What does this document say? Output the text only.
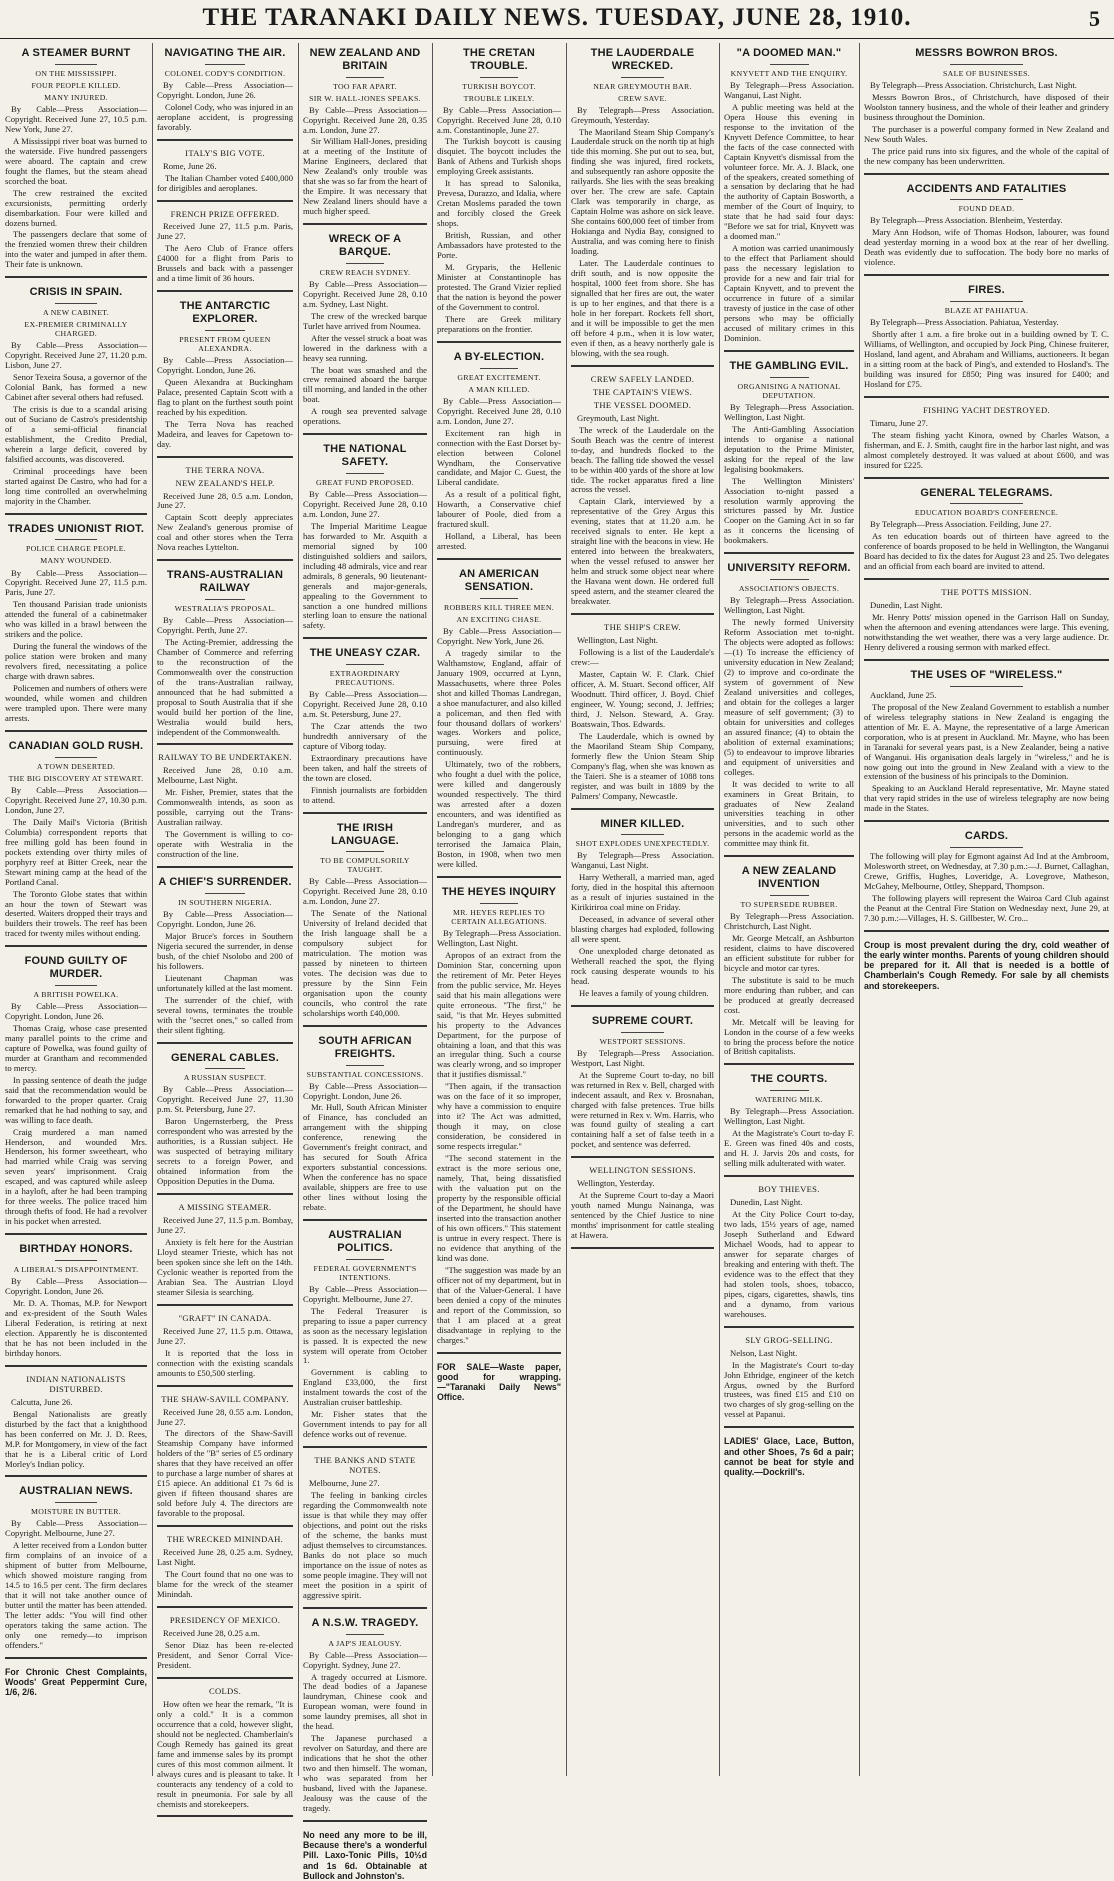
THE TARANAKI DAILY NEWS. TUESDAY, JUNE 28, 1910.	5
A STEAMER BURNT
ON THE MISSISSIPPI.
FOUR PEOPLE KILLED.
MANY INJURED.

By Cable—Press Association—Copyright. Received June 27, 10.5 p.m. New York, June 27.

A Mississippi river boat was burned to the waterside. Five hundred passengers were aboard. The captain and crew fought the flames, but the steam ahead scorched the boat.

The crew restrained the excited excursionists, permitting orderly disembarkation. Four were killed and dozens burned.

The passengers declare that some of the frenzied women threw their children into the water and jumped in after them. Their fate is unknown.

CRISIS IN SPAIN.
A NEW CABINET.
EX-PREMIER CRIMINALLY CHARGED.

By Cable—Press Association—Copyright. Received June 27, 11.20 p.m. Lisbon, June 27.

Senor Texeira Sousa, a governor of the Colonial Bank, has formed a new Cabinet after several others had refused.

The crisis is due to a scandal arising out of Suciano de Castro's presidentship of a semi-official financial establishment, the Credito Predial, wherein a large deficit, covered by falsified accounts, was discovered.

Criminal proceedings have been started against De Castro, who had for a long time controlled an overwhelming majority in the Chamber.

TRADES UNIONIST RIOT.
POLICE CHARGE PEOPLE.
MANY WOUNDED.

By Cable—Press Association—Copyright. Received June 27, 11.5 p.m. Paris, June 27.

Ten thousand Parisian trade unionists attended the funeral of a cabinetmaker who was killed in a brawl between the strikers and the police.

During the funeral the windows of the police station were broken and many revolvers fired, necessitating a police charge with drawn sabres.

Policemen and numbers of others were wounded, while women and children were trampled upon. There were many arrests.

CANADIAN GOLD RUSH.
A TOWN DESERTED.
THE BIG DISCOVERY AT STEWART.

By Cable—Press Association—Copyright. Received June 27, 10.30 p.m. London, June 27.

The Daily Mail's Victoria (British Columbia) correspondent reports that free milling gold has been found in pockets extending over thirty miles of porphyry reef at Bitter Creek, near the Stewart mining camp at the head of the Portland Canal.

The Toronto Globe states that within an hour the town of Stewart was deserted. Waiters dropped their trays and builders their trowels. The reef has been traced for twenty miles without ending.

FOUND GUILTY OF MURDER.
A BRITISH POWELKA.

By Cable—Press Association—Copyright. London, June 26.

Thomas Craig, whose case presented many parallel points to the crime and capture of Powelka, was found guilty of murder at Grantham and recommended to mercy.

In passing sentence of death the judge said that the recommendation would be forwarded to the proper quarter. Craig remarked that he had nothing to say, and was willing to face death.

Craig murdered a man named Henderson, and wounded Mrs. Henderson, his former sweetheart, who had married while Craig was serving seven years' imprisonment. Craig escaped, and was captured while asleep in a hayloft, after he had been tramping for three weeks. The police traced him through thefts of food. He had a revolver in his pocket when arrested.

BIRTHDAY HONORS.
A LIBERAL'S DISAPPOINTMENT.

By Cable—Press Association—Copyright. London, June 26.

Mr. D. A. Thomas, M.P. for Newport and ex-president of the South Wales Liberal Federation, is retiring at next election. Apparently he is discontented that he has not been included in the birthday honors.

INDIAN NATIONALISTS DISTURBED.

Calcutta, June 26.

Bengal Nationalists are greatly disturbed by the fact that a knighthood has been conferred on Mr. J. D. Rees, M.P. for Montgomery, in view of the fact that he is a Liberal critic of Lord Morley's Indian policy.

AUSTRALIAN NEWS.
MOISTURE IN BUTTER.

By Cable—Press Association—Copyright. Melbourne, June 27.

A letter received from a London butter firm complains of an invoice of a shipment of butter from Melbourne, which showed moisture ranging from 14.5 to 16.5 per cent. The firm declares that it will not take another ounce of butter until the matter has been attended. The letter adds: "You will find other operators taking the same action. The only one remedy—to imprison offenders."

For Chronic Chest Complaints, Woods' Great Peppermint Cure, 1/6, 2/6.
NAVIGATING THE AIR.
COLONEL CODY'S CONDITION.

By Cable—Press Association—Copyright. London, June 26.

Colonel Cody, who was injured in an aeroplane accident, is progressing favorably.

ITALY'S BIG VOTE.

Rome, June 26.

The Italian Chamber voted £400,000 for dirigibles and aeroplanes.

FRENCH PRIZE OFFERED.

Received June 27, 11.5 p.m. Paris, June 27.

The Aero Club of France offers £4000 for a flight from Paris to Brussels and back with a passenger and a time limit of 36 hours.

THE ANTARCTIC EXPLORER.
PRESENT FROM QUEEN ALEXANDRA.

By Cable—Press Association—Copyright. London, June 26.

Queen Alexandra at Buckingham Palace, presented Captain Scott with a flag to plant on the furthest south point reached by his expedition.

The Terra Nova has reached Madeira, and leaves for Capetown to-day.

THE TERRA NOVA.
NEW ZEALAND'S HELP.

Received June 28, 0.5 a.m. London, June 27.

Captain Scott deeply appreciates New Zealand's generous promise of coal and other stores when the Terra Nova reaches Lyttelton.

TRANS-AUSTRALIAN RAILWAY
WESTRALIA'S PROPOSAL.

By Cable—Press Association—Copyright. Perth, June 27.

The Acting-Premier, addressing the Chamber of Commerce and referring to the reconstruction of the Commonwealth over the construction of the trans-Australian railway, announced that he had submitted a proposal to South Australia that if she would build her portion of the line, Westralia would build hers, independent of the Commonwealth.

RAILWAY TO BE UNDERTAKEN.

Received June 28, 0.10 a.m. Melbourne, Last Night.

Mr. Fisher, Premier, states that the Commonwealth intends, as soon as possible, carrying out the Trans-Australian railway.

The Government is willing to co-operate with Westralia in the construction of the line.

A CHIEF'S SURRENDER.
IN SOUTHERN NIGERIA.

By Cable—Press Association—Copyright. London, June 26.

Major Bruce's forces in Southern Nigeria secured the surrender, in dense bush, of the chief Nsolobo and 200 of his followers.

Lieutenant Chapman was unfortunately killed at the last moment.

The surrender of the chief, with several towns, terminates the trouble with the "secret ones," so called from their silent fighting.

GENERAL CABLES.
A RUSSIAN SUSPECT.

By Cable—Press Association—Copyright. Received June 27, 11.30 p.m. St. Petersburg, June 27.

Baron Ungernsterberg, the Press correspondent who was arrested by the authorities, is a Russian subject. He was suspected of betraying military secrets to a foreign Power, and obtained information from the Opposition Deputies in the Duma.

A MISSING STEAMER.

Received June 27, 11.5 p.m. Bombay, June 27.

Anxiety is felt here for the Austrian Lloyd steamer Trieste, which has not been spoken since she left on the 14th. Cyclonic weather is reported from the Arabian Sea. The Austrian Lloyd steamer Silesia is searching.

"GRAFT" IN CANADA.

Received June 27, 11.5 p.m. Ottawa, June 27.

It is reported that the loss in connection with the existing scandals amounts to £50,500 sterling.

THE SHAW-SAVILL COMPANY.

Received June 28, 0.55 a.m. London, June 27.

The directors of the Shaw-Savill Steamship Company have informed holders of the "B" series of £5 ordinary shares that they have received an offer to purchase a large number of shares at £15 apiece. An additional £1 7s 6d is given if fifteen thousand shares are sold before July 4. The directors are favorable to the proposal.

THE WRECKED MININDAH.

Received June 28, 0.25 a.m. Sydney, Last Night.

The Court found that no one was to blame for the wreck of the steamer Minindah.

PRESIDENCY OF MEXICO.

Received June 28, 0.25 a.m.

Senor Diaz has been re-elected President, and Senor Corral Vice-President.

COLDS.

How often we hear the remark, "It is only a cold." It is a common occurrence that a cold, however slight, should not be neglected. Chamberlain's Cough Remedy has gained its great fame and immense sales by its prompt cures of this most common ailment. It always cures and is pleasant to take. It counteracts any tendency of a cold to result in pneumonia. For sale by all chemists and storekeepers.

NEW ZEALAND AND BRITAIN
TOO FAR APART.
SIR W. HALL-JONES SPEAKS.

By Cable—Press Association—Copyright. Received June 28, 0.35 a.m. London, June 27.

Sir William Hall-Jones, presiding at a meeting of the Institute of Marine Engineers, declared that New Zealand's only trouble was that she was so far from the heart of the Empire. It was necessary that New Zealand liners should have a much higher speed.

WRECK OF A BARQUE.
CREW REACH SYDNEY.

By Cable—Press Association—Copyright. Received June 28, 0.10 a.m. Sydney, Last Night.

The crew of the wrecked barque Turlet have arrived from Noumea.

After the vessel struck a boat was lowered in the darkness with a heavy sea running.

The boat was smashed and the crew remained aboard the barque till morning, and landed in the other boat.

A rough sea prevented salvage operations.

THE NATIONAL SAFETY.
GREAT FUND PROPOSED.

By Cable—Press Association—Copyright. Received June 28, 0.10 a.m. London, June 27.

The Imperial Maritime League has forwarded to Mr. Asquith a memorial signed by 100 distinguished soldiers and sailors, including 48 admirals, vice and rear admirals, 8 generals, 90 lieutenant-generals and major-generals, appealing to the Government to sanction a one hundred millions sterling loan to ensure the national safety.

THE UNEASY CZAR.
EXTRAORDINARY PRECAUTIONS.

By Cable—Press Association—Copyright. Received June 28, 0.10 a.m. St. Petersburg, June 27.

The Czar attends the two hundredth anniversary of the capture of Viborg today.

Extraordinary precautions have been taken, and half the streets of the town are closed.

Finnish journalists are forbidden to attend.

THE IRISH LANGUAGE.
TO BE COMPULSORILY TAUGHT.

By Cable—Press Association—Copyright. Received June 28, 0.10 a.m. London, June 27.

The Senate of the National University of Ireland decided that the Irish language shall be a compulsory subject for matriculation. The motion was passed by nineteen to thirteen votes. The decision was due to pressure by the Sinn Fein organisation upon the county councils, who control the rate scholarships worth £40,000.

SOUTH AFRICAN FREIGHTS.
SUBSTANTIAL CONCESSIONS.

By Cable—Press Association—Copyright. London, June 26.

Mr. Hull, South African Minister of Finance, has concluded an arrangement with the shipping conference, renewing the Government's freight contract, and has secured for South Africa exporters substantial concessions. When the conference has no space available, shippers are free to use other lines without losing the rebate.

AUSTRALIAN POLITICS.
FEDERAL GOVERNMENT'S INTENTIONS.

By Cable—Press Association—Copyright. Melbourne, June 27.

The Federal Treasurer is preparing to issue a paper currency as soon as the necessary legislation is passed. It is expected the new system will operate from October 1.

Government is cabling to England £33,000, the first instalment towards the cost of the Australian cruiser battleship.

Mr. Fisher states that the Government intends to pay for all defence works out of revenue.

THE BANKS AND STATE NOTES.

Melbourne, June 27.

The feeling in banking circles regarding the Commonwealth note issue is that while they may offer objections, and point out the risks of the scheme, the banks must adjust themselves to circumstances. Banks do not place so much importance on the issue of notes as some people imagine. They will not meet the position in a spirit of aggressive spirit.

A N.S.W. TRAGEDY.
A JAP'S JEALOUSY.

By Cable—Press Association—Copyright. Sydney, June 27.

A tragedy occurred at Lismore. The dead bodies of a Japanese laundryman, Chinese cook and European woman, were found in some laundry premises, all shot in the head.

The Japanese purchased a revolver on Saturday, and there are indications that he shot the other two and then himself. The woman, who was separated from her husband, lived with the Japanese. Jealousy was the cause of the tragedy.

No need any more to be ill, Because there's a wonderful Pill. Laxo-Tonic Pills, 10½d and 1s 6d. Obtainable at Bullock and Johnston's.
THE CRETAN TROUBLE.
TURKISH BOYCOT.
TROUBLE LIKELY.

By Cable—Press Association—Copyright. Received June 28, 0.10 a.m. Constantinople, June 27.

The Turkish boycott is causing disquiet. The boycott includes the Bank of Athens and Turkish shops employing Greek assistants.

It has spread to Salonika, Prevesa, Durazzo, and Idalia, where Cretan Moslems paraded the town and forcibly closed the Greek shops.

British, Russian, and other Ambassadors have protested to the Porte.

M. Gryparis, the Hellenic Minister at Constantinople has protested. The Grand Vizier replied that the nation is beyond the power of the Government to control.

There are Greek military preparations on the frontier.

A BY-ELECTION.
GREAT EXCITEMENT.
A MAN KILLED.

By Cable—Press Association—Copyright. Received June 28, 0.10 a.m. London, June 27.

Excitement ran high in connection with the East Dorset by-election between Colonel Wyndham, the Conservative candidate, and Major C. Guest, the Liberal candidate.

As a result of a political fight, Howarth, a Conservative chief labourer of Poole, died from a fractured skull.

Holland, a Liberal, has been arrested.

AN AMERICAN SENSATION.
ROBBERS KILL THREE MEN.
AN EXCITING CHASE.

By Cable—Press Association—Copyright. New York, June 26.

A tragedy similar to the Walthamstow, England, affair of January 1909, occurred at Lynn, Massachusetts, where three Poles shot and killed Thomas Landregan, a shoe manufacturer, and also killed a policeman, and then fled with four thousand dollars of workers' wages. Workers and police, pursuing, were fired at continuously.

Ultimately, two of the robbers, who fought a duel with the police, were killed and dangerously wounded respectively. The third was arrested after a dozen encounters, and was identified as Landregan's murderer, and as belonging to a gang which terrorised the Jamaica Plain, Boston, in 1908, when two men were killed.

THE HEYES INQUIRY
MR. HEYES REPLIES TO CERTAIN ALLEGATIONS.

By Telegraph—Press Association. Wellington, Last Night.

Apropos of an extract from the Dominion Star, concerning upon the retirement of Mr. Peter Heyes from the public service, Mr. Heyes said that his main allegations were quite erroneous. "The first," he said, "is that Mr. Heyes submitted his property to the Advances Department, for the purpose of obtaining a loan, and that this was an irregular thing. Such a course was clearly wrong, and so improper that it justifies dismissal."

"Then again, if the transaction was on the face of it so improper, why have a commission to enquire into it? The Act was admitted, though it may, on close consideration, be considered in some respects irregular."

"The second statement in the extract is the more serious one, namely, That, being dissatisfied with the valuation put on the property by the responsible official of the Department, he should have inserted into the transaction another of his own officers." This statement is untrue in every respect. There is no evidence that anything of the kind was done.

"The suggestion was made by an officer not of my department, but in that of the Valuer-General. I have been denied a copy of the minutes and report of the Commission, so that I am placed at a great disadvantage in replying to the charges."

FOR SALE—Waste paper, good for wrapping.—"Taranaki Daily News" Office.
THE LAUDERDALE WRECKED.
NEAR GREYMOUTH BAR.
CREW SAVE.

By Telegraph—Press Association. Greymouth, Yesterday.

The Maoriland Steam Ship Company's Lauderdale struck on the north tip at high tide this morning. She put out to sea, but, finding she was injured, fired rockets, and subsequently ran ashore opposite the railyards. She lies with the seas breaking over her. The crew are safe. Captain Clark was temporarily in charge, as Captain Holme was ashore on sick leave. She contains 600,000 feet of timber from Hokianga and Nydia Bay, consigned to Australia, and was coming here to finish loading.

Later. The Lauderdale continues to drift south, and is now opposite the hospital, 1000 feet from shore. She has signalled that her fires are out, the water is up to her engines, and that there is a hole in her forepart. Rockets fell short, and it will be impossible to get the men off before 4 p.m., when it is low water, even if then, as a heavy northerly gale is blowing, with the sea rough.

CREW SAFELY LANDED.
THE CAPTAIN'S VIEWS.
THE VESSEL DOOMED.

Greymouth, Last Night.

The wreck of the Lauderdale on the South Beach was the centre of interest to-day, and hundreds flocked to the beach. The falling tide showed the vessel to be within 400 yards of the shore at low tide. The rocket apparatus fired a line across the vessel.

Captain Clark, interviewed by a representative of the Grey Argus this evening, states that at 11.20 a.m. he received signals to enter. He kept a straight line with the beacons in view. He entered into between the breakwaters, when the vessel refused to answer her helm and struck some object near where the Havana went down. He ordered full speed astern, and the steamer cleared the breakwater.

THE SHIP'S CREW.

Wellington, Last Night.

Following is a list of the Lauderdale's crew:—

Master, Captain W. F. Clark. Chief officer, A. M. Stuart. Second officer, Alf Woodnutt. Third officer, J. Boyd. Chief engineer, W. Young; second, J. Jeffries; third, J. Nelson. Steward, A. Gray. Boatswain, Thos. Edwards.

The Lauderdale, which is owned by the Maoriland Steam Ship Company, formerly flew the Union Steam Ship Company's flag, when she was known as the Taieri. She is a steamer of 1088 tons register, and was built in 1889 by the Palmers' Company, Newcastle.

MINER KILLED.
SHOT EXPLODES UNEXPECTEDLY.

By Telegraph—Press Association. Wanganui, Last Night.

Harry Wetherall, a married man, aged forty, died in the hospital this afternoon as a result of injuries sustained in the Kirikiriroa coal mine on Friday.

Deceased, in advance of several other blasting charges had exploded, following all were spent.

One unexploded charge detonated as Wetherall reached the spot, the flying rock causing desperate wounds to his head.

He leaves a family of young children.

SUPREME COURT.
WESTPORT SESSIONS.

By Telegraph—Press Association. Westport, Last Night.

At the Supreme Court to-day, no bill was returned in Rex v. Bell, charged with indecent assault, and Rex v. Brosnahan, charged with false pretences. True bills were returned in Rex v. Wm. Harris, who was found guilty of stealing a cart containing half a set of false teeth in a pocket, and sentence was deferred.

WELLINGTON SESSIONS.

Wellington, Yesterday.

At the Supreme Court to-day a Maori youth named Mungu Nainanga, was sentenced by the Chief Justice to nine months' imprisonment for cattle stealing at Hawera.

"A DOOMED MAN."
KNYVETT AND THE ENQUIRY.

By Telegraph—Press Association. Wanganui, Last Night.

A public meeting was held at the Opera House this evening in response to the invitation of the Knyvett Defence Committee, to hear the facts of the case connected with Captain Knyvett's dismissal from the volunteer force. Mr. A. J. Black, one of the speakers, created something of a sensation by declaring that he had the authority of Captain Bosworth, a member of the Court of Inquiry, to state that he had said four days: "Before we sat for trial, Knyvett was a doomed man."

A motion was carried unanimously to the effect that Parliament should pass the necessary legislation to provide for a new and fair trial for Captain Knyvett, and to prevent the occurrence in future of a similar travesty of justice in the case of other persons who may be officially accused of military crimes in this Dominion.

THE GAMBLING EVIL.
ORGANISING A NATIONAL DEPUTATION.

By Telegraph—Press Association. Wellington, Last Night.

The Anti-Gambling Association intends to organise a national deputation to the Prime Minister, asking for the repeal of the law legalising bookmakers.

The Wellington Ministers' Association to-night passed a resolution warmly approving the strictures passed by Mr. Justice Cooper on the Gaming Act in so far as it concerns the licensing of bookmakers.

UNIVERSITY REFORM.
ASSOCIATION'S OBJECTS.

By Telegraph—Press Association. Wellington, Last Night.

The newly formed University Reform Association met to-night. The objects were adopted as follows:—(1) To increase the efficiency of university education in New Zealand; (2) to improve and co-ordinate the system of government of New Zealand universities and colleges, and obtain for the colleges a larger measure of self government; (3) to obtain for universities and colleges an assured finance; (4) to obtain the abolition of external examinations; (5) to endeavour to improve libraries and equipment of universities and colleges.

It was decided to write to all examiners in Great Britain, to graduates of New Zealand universities teaching in other universities, and to such other persons in the academic world as the committee may think fit.

A NEW ZEALAND INVENTION
TO SUPERSEDE RUBBER.

By Telegraph—Press Association. Christchurch, Last Night.

Mr. George Metcalf, an Ashburton resident, claims to have discovered an efficient substitute for rubber for bicycle and motor car tyres.

The substitute is said to be much more enduring than rubber, and can be produced at greatly decreased cost.

Mr. Metcalf will be leaving for London in the course of a few weeks to bring the process before the notice of British capitalists.

THE COURTS.
WATERING MILK.

By Telegraph—Press Association. Wellington, Last Night.

At the Magistrate's Court to-day F. E. Green was fined 40s and costs, and H. J. Jarvis 20s and costs, for selling milk adulterated with water.

BOY THIEVES.

Dunedin, Last Night.

At the City Police Court to-day, two lads, 15½ years of age, named Joseph Sutherland and Edward Michael Woods, had to appear to answer for separate charges of breaking and entering with theft. The evidence was to the effect that they had stolen tools, shoes, tobacco, pipes, cigars, cigarettes, shawls, tins and a dynamo, from various warehouses.

SLY GROG-SELLING.

Nelson, Last Night.

In the Magistrate's Court to-day John Ethridge, engineer of the ketch Argus, owned by the Burford trustees, was fined £15 and £10 on two charges of sly grog-selling on the vessel at Papanui.

LADIES' Glace, Lace, Button, and other Shoes, 7s 6d a pair; cannot be beat for style and quality.—Dockrill's.
MESSRS BOWRON BROS.
SALE OF BUSINESSES.

By Telegraph—Press Association. Christchurch, Last Night.

Messrs Bowron Bros., of Christchurch, have disposed of their Woolston tannery business, and the whole of their leather and grindery business throughout the Dominion.

The purchaser is a powerful company formed in New Zealand and New South Wales.

The price paid runs into six figures, and the whole of the capital of the new company has been underwritten.

ACCIDENTS AND FATALITIES
FOUND DEAD.

By Telegraph—Press Association. Blenheim, Yesterday.

Mary Ann Hodson, wife of Thomas Hodson, labourer, was found dead yesterday morning in a wood box at the rear of her dwelling. Death was evidently due to suffocation. The body bore no marks of violence.

FIRES.
BLAZE AT PAHIATUA.

By Telegraph—Press Association. Pahiatua, Yesterday.

Shortly after 1 a.m. a fire broke out in a building owned by T. C. Williams, of Wellington, and occupied by Jock Ping, Chinese fruiterer, Hosland, land agent, and Abraham and Williams, auctioneers. It began in a sitting room at the back of Ping's, and extended to Hosland's. The building was insured for £850; Ping was insured for £400; and Hosland for £75.

FISHING YACHT DESTROYED.

Timaru, June 27.

The steam fishing yacht Kinora, owned by Charles Watson, a fisherman, and E. J. Smith, caught fire in the harbor last night, and was almost completely destroyed. It was valued at about £600, and was insured for £225.

GENERAL TELEGRAMS.
EDUCATION BOARD'S CONFERENCE.

By Telegraph—Press Association. Feilding, June 27.

As ten education boards out of thirteen have agreed to the conference of boards proposed to be held in Wellington, the Wanganui Board has decided to fix the dates for August 23 and 25. Two delegates and an official from each board are invited to attend.

THE POTTS MISSION.

Dunedin, Last Night.

Mr. Henry Potts' mission opened in the Garrison Hall on Sunday, when the afternoon and evening attendances were large. This evening, notwithstanding the wet weather, there was a very large audience. Dr. Henry delivered a rousing sermon with marked effect.

THE USES OF "WIRELESS."

Auckland, June 25.

The proposal of the New Zealand Government to establish a number of wireless telegraphy stations in New Zealand is engaging the attention of Mr. E. A. Mayne, the representative of a large American corporation, who is at present in Auckland. Mr. Mayne, who has been in Taranaki for several years past, is a New Zealander, being a native of Wanganui. His organisation deals largely in "wireless," and he is now going out into the ground in New Zealand with a view to the extension of the business of his principals to the Dominion.

Speaking to an Auckland Herald representative, Mr. Mayne stated that very rapid strides in the use of wireless telegraphy are now being made in the States.

CARDS.

The following will play for Egmont against Ad Ind at the Ambroom, Molesworth street, on Wednesday, at 7.30 p.m.:—J. Burnet, Callaghan, Crewe, Griffis, Hughes, Loveridge, A. Lovegrove, Matheson, McGahey, Melbourne, Ottley, Sheppard, Thompson.

The following players will represent the Wairoa Card Club against the Peanut at the Central Fire Station on Wednesday next, June 29, at 7.30 p.m.:—Villages, H. S. Gillbester, W. Cro...

Croup is most prevalent during the dry, cold weather of the early winter months. Parents of young children should be prepared for it. All that is needed is a bottle of Chamberlain's Cough Remedy. For sale by all chemists and storekeepers.
